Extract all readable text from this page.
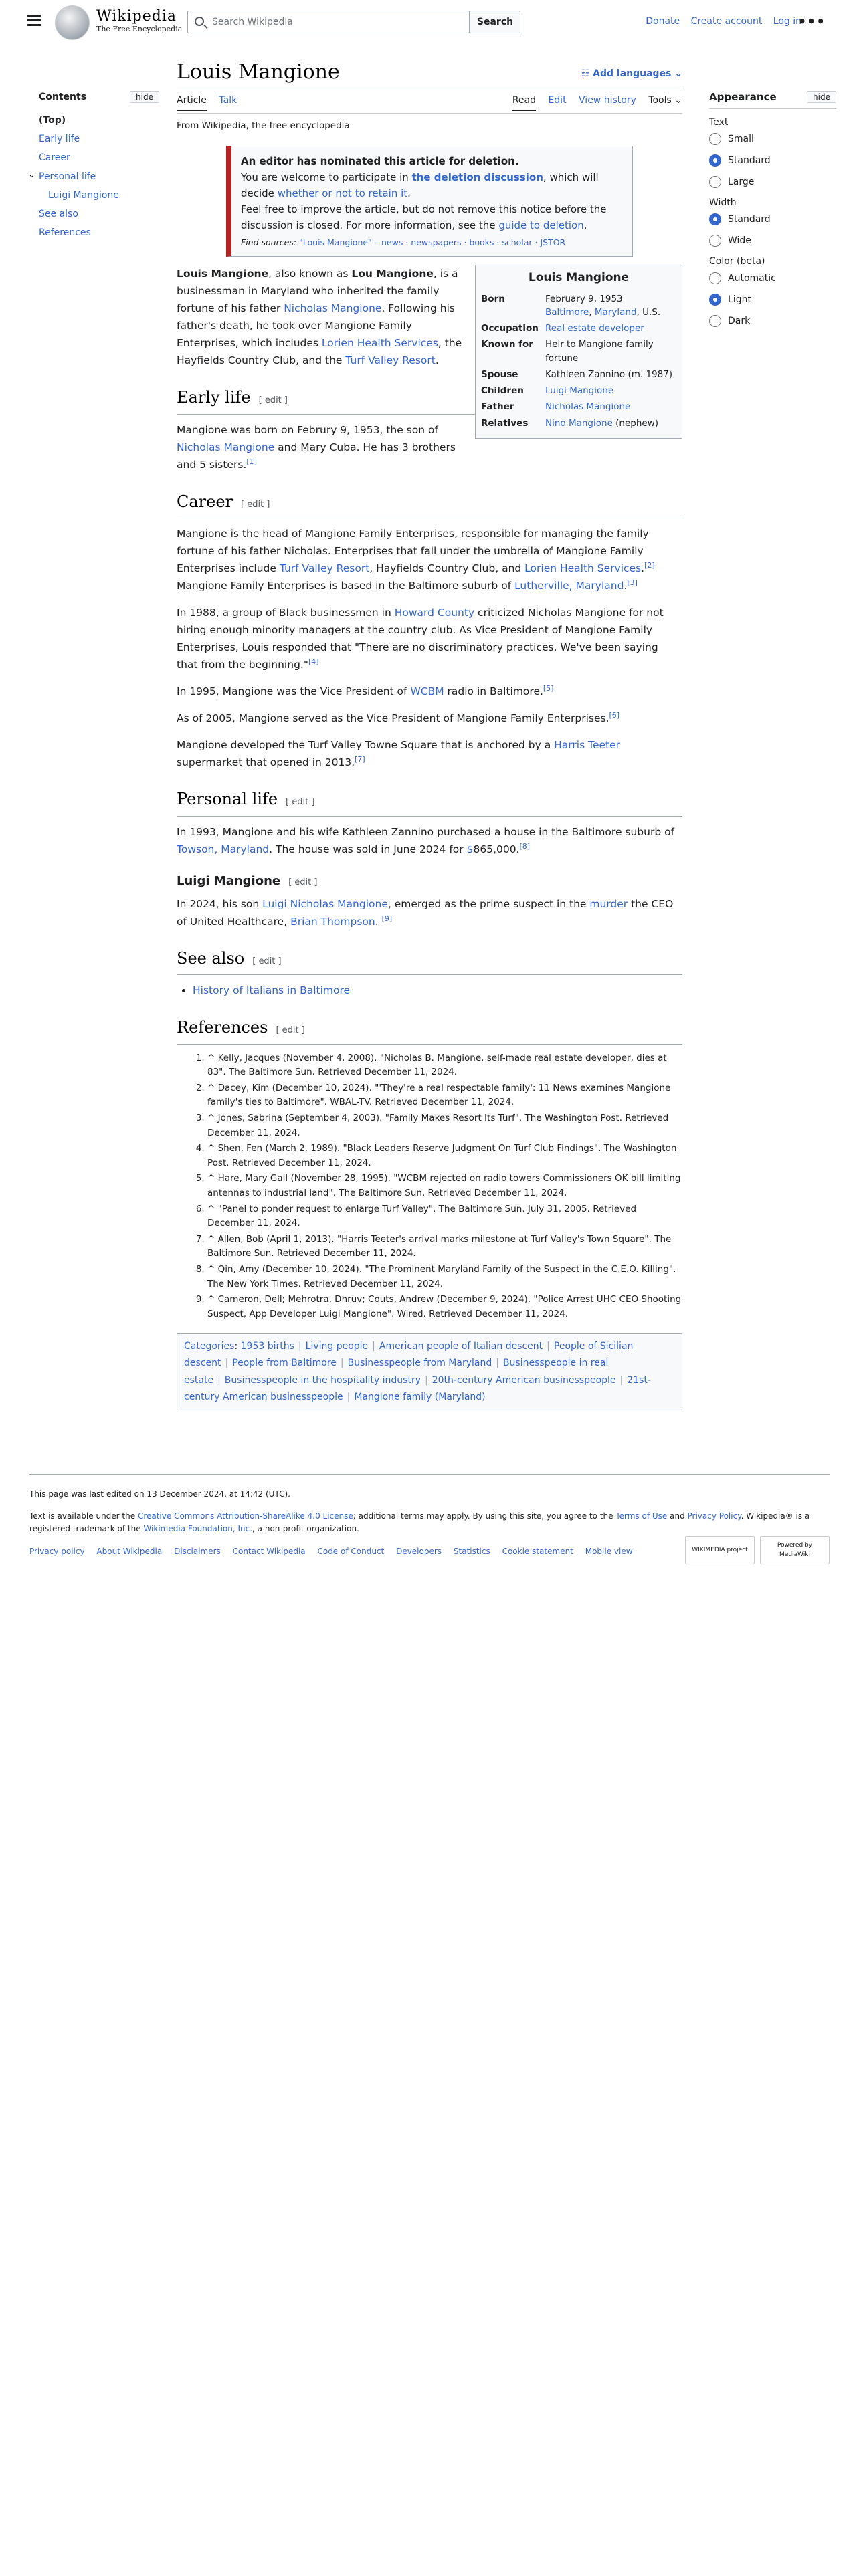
Wikipedia
The Free Encyclopedia
Search Wikipedia
Search	Donate Create account Log in
•••
Contents	hide
(Top)
Early life
Career
⌄ Personal life
Luigi Mangione
See also
References
Appearance	hide
Text
Small
Standard
Large
Width
Standard
Wide
Color (beta)
Automatic
Light
Dark
Louis Mangione	☷ Add languages ⌄
Article Talk	Read Edit View history Tools ⌄
From Wikipedia, the free encyclopedia
An editor has nominated this article for deletion.
You are welcome to participate in the deletion discussion, which will decide whether or not to retain it.
Feel free to improve the article, but do not remove this notice before the discussion is closed. For more information, see the guide to deletion.
Find sources: "Louis Mangione" – news · newspapers · books · scholar · JSTOR
Louis Mangione
Born	February 9, 1953
Baltimore, Maryland, U.S.
Occupation Real estate developer
Known for	Heir to Mangione family fortune
Spouse	Kathleen Zannino (m. 1987)
Children	Luigi Mangione
Father	Nicholas Mangione
Relatives	Nino Mangione (nephew)

Louis Mangione, also known as Lou Mangione, is a businessman in Maryland who inherited the family fortune of his father Nicholas Mangione. Following his father's death, he took over Mangione Family Enterprises, which includes Lorien Health Services, the Hayfields Country Club, and the Turf Valley Resort.

Early life [ edit ]

Mangione was born on Februry 9, 1953, the son of Nicholas Mangione and Mary Cuba. He has 3 brothers and 5 sisters.[1]

Career [ edit ]

Mangione is the head of Mangione Family Enterprises, responsible for managing the family fortune of his father Nicholas. Enterprises that fall under the umbrella of Mangione Family Enterprises include Turf Valley Resort, Hayfields Country Club, and Lorien Health Services.[2] Mangione Family Enterprises is based in the Baltimore suburb of Lutherville, Maryland.[3]

In 1988, a group of Black businessmen in Howard County criticized Nicholas Mangione for not hiring enough minority managers at the country club. As Vice President of Mangione Family Enterprises, Louis responded that "There are no discriminatory practices. We've been saying that from the beginning."[4]

In 1995, Mangione was the Vice President of WCBM radio in Baltimore.[5]

As of 2005, Mangione served as the Vice President of Mangione Family Enterprises.[6]

Mangione developed the Turf Valley Towne Square that is anchored by a Harris Teeter supermarket that opened in 2013.[7]

Personal life [ edit ]

In 1993, Mangione and his wife Kathleen Zannino purchased a house in the Baltimore suburb of Towson, Maryland. The house was sold in June 2024 for $865,000.[8]

Luigi Mangione [ edit ]

In 2024, his son Luigi Nicholas Mangione, emerged as the prime suspect in the murder the CEO of United Healthcare, Brian Thompson. [9]

See also [ edit ]
• History of Italians in Baltimore
References [ edit ]
1. ^ Kelly, Jacques (November 4, 2008). "Nicholas B. Mangione, self-made real estate developer, dies at 83". The Baltimore Sun. Retrieved December 11, 2024.
2. ^ Dacey, Kim (December 10, 2024). "'They're a real respectable family': 11 News examines Mangione family's ties to Baltimore". WBAL-TV. Retrieved December 11, 2024.
3. ^ Jones, Sabrina (September 4, 2003). "Family Makes Resort Its Turf". The Washington Post. Retrieved December 11, 2024.
4. ^ Shen, Fen (March 2, 1989). "Black Leaders Reserve Judgment On Turf Club Findings". The Washington Post. Retrieved December 11, 2024.
5. ^ Hare, Mary Gail (November 28, 1995). "WCBM rejected on radio towers Commissioners OK bill limiting antennas to industrial land". The Baltimore Sun. Retrieved December 11, 2024.
6. ^ "Panel to ponder request to enlarge Turf Valley". The Baltimore Sun. July 31, 2005. Retrieved December 11, 2024.
7. ^ Allen, Bob (April 1, 2013). "Harris Teeter's arrival marks milestone at Turf Valley's Town Square". The Baltimore Sun. Retrieved December 11, 2024.
8. ^ Qin, Amy (December 10, 2024). "The Prominent Maryland Family of the Suspect in the C.E.O. Killing". The New York Times. Retrieved December 11, 2024.
9. ^ Cameron, Dell; Mehrotra, Dhruv; Couts, Andrew (December 9, 2024). "Police Arrest UHC CEO Shooting Suspect, App Developer Luigi Mangione". Wired. Retrieved December 11, 2024.
Categories: 1953 births | Living people | American people of Italian descent | People of Sicilian descent | People from Baltimore | Businesspeople from Maryland | Businesspeople in real estate | Businesspeople in the hospitality industry | 20th-century American businesspeople | 21st-century American businesspeople | Mangione family (Maryland)

This page was last edited on 13 December 2024, at 14:42 (UTC).

Text is available under the Creative Commons Attribution-ShareAlike 4.0 License; additional terms may apply. By using this site, you agree to the Terms of Use and Privacy Policy. Wikipedia® is a registered trademark of the Wikimedia Foundation, Inc., a non-profit organization.

Privacy policy About Wikipedia Disclaimers Contact Wikipedia Code of Conduct Developers Statistics Cookie statement Mobile view	WIKIMEDIA project
Powered by MediaWiki
